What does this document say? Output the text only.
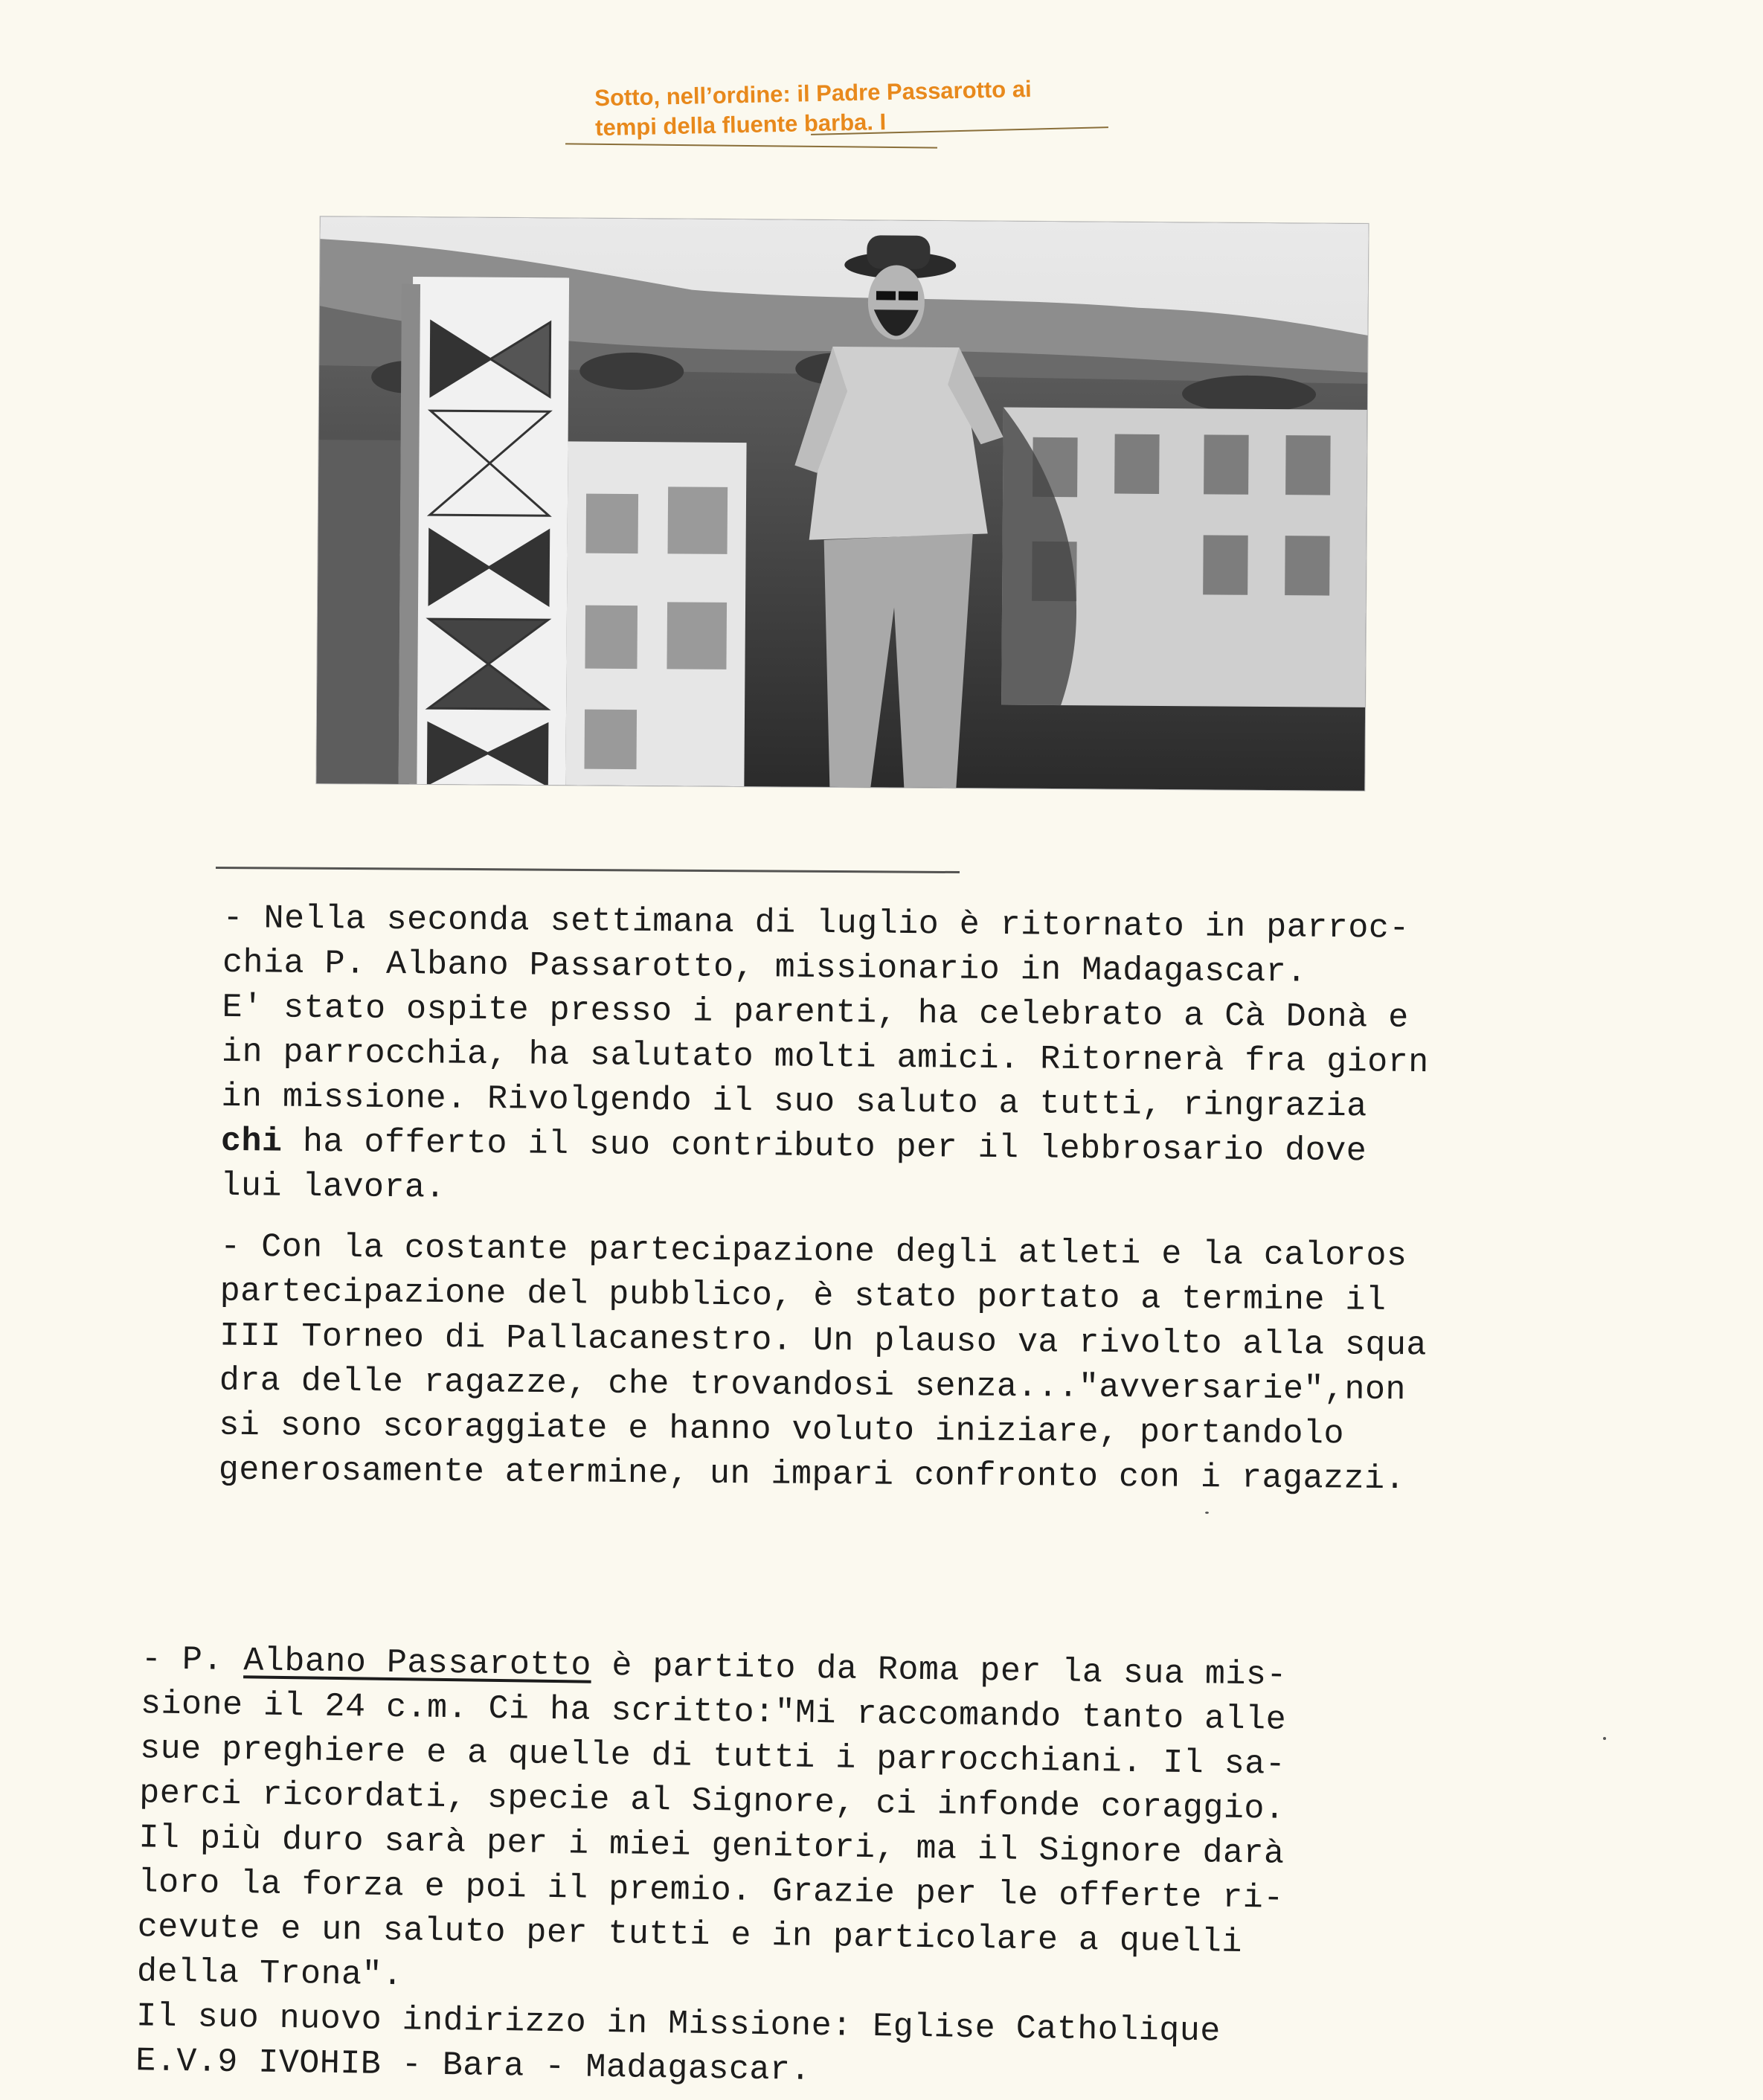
Sotto, nell’ordine: il Padre Passarotto ai
tempi della fluente barba. I
- Nella seconda settimana di luglio è ritornato in parroc-
chia P. Albano Passarotto, missionario in Madagascar.
E' stato ospite presso i parenti, ha celebrato a Cà Donà e
in parrocchia, ha salutato molti amici. Ritornerà fra giorn
in missione. Rivolgendo il suo saluto a tutti, ringrazia
chi ha offerto il suo contributo per il lebbrosario dove
lui lavora.
- Con la costante partecipazione degli atleti e la caloros
partecipazione del pubblico, è stato portato a termine il
III Torneo di Pallacanestro. Un plauso va rivolto alla squa
dra delle ragazze, che trovandosi senza..."avversarie",non
si sono scoraggiate e hanno voluto iniziare, portandolo
generosamente atermine, un impari confronto con i ragazzi.
- P. Albano Passarotto è partito da Roma per la sua mis-
sione il 24 c.m. Ci ha scritto:"Mi raccomando tanto alle
sue preghiere e a quelle di tutti i parrocchiani. Il sa-
perci ricordati, specie al Signore, ci infonde coraggio.
Il più duro sarà per i miei genitori, ma il Signore darà
loro la forza e poi il premio. Grazie per le offerte ri-
cevute e un saluto per tutti e in particolare a quelli
della Trona".
Il suo nuovo indirizzo in Missione: Eglise Catholique
E.V.9 IVOHIB - Bara - Madagascar.
